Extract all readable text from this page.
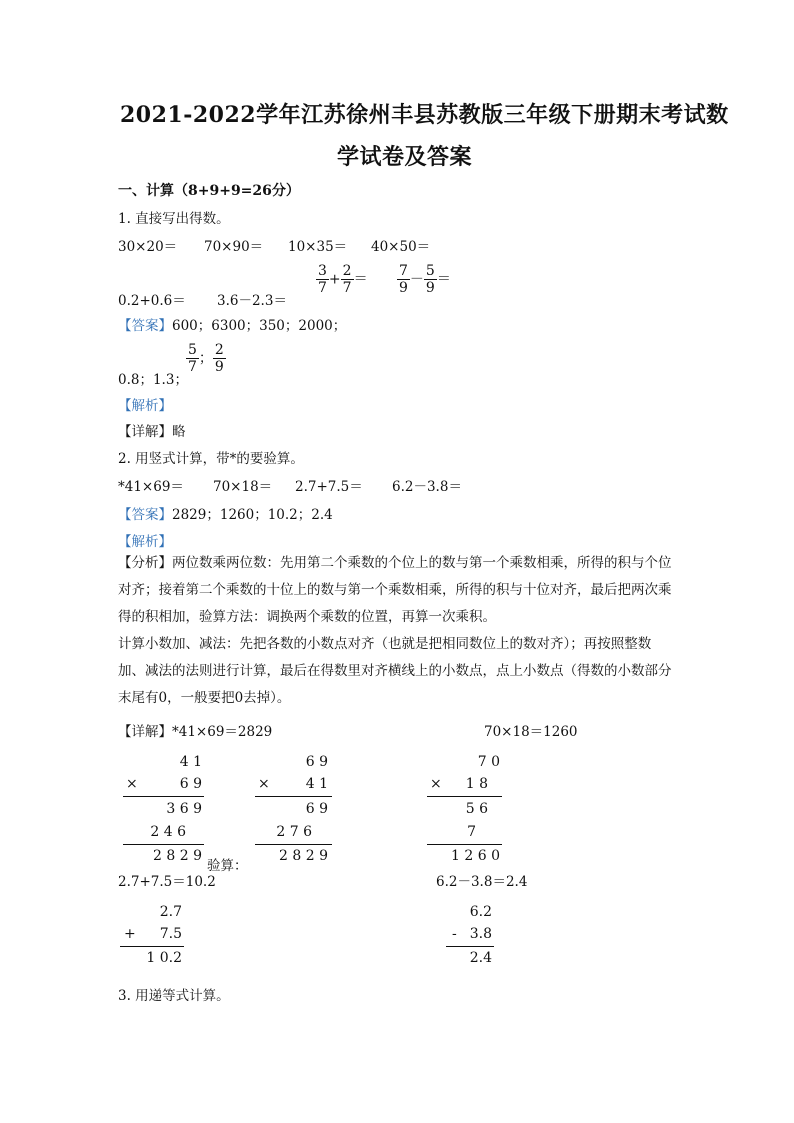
2021-2022学年江苏徐州丰县苏教版三年级下册期末考试数
学试卷及答案
一、计算（8+9+9=26分）
1. 直接写出得数。
30×20＝ 70×90＝ 10×35＝ 40×50＝
$\frac{3}{7} + \frac{2}{7} = \frac{7}{9} - \frac{5}{9}$ ＝
0.2+0.6＝ 3.6－2.3＝
【答案】600；6300；350；2000；
$\frac{5}{7}$ ； $\frac{2}{9}$
0.8；1.3；
【解析】
【详解】略
2. 用竖式计算，带*的要验算。
*41×69＝ 70×18＝ 2.7+7.5＝ 6.2－3.8＝
【答案】2829；1260；10.2；2.4
【解析】
【分析】两位数乘两位数：先用第二个乘数的个位上的数与第一个乘数相乘，所得的积与个位对齐；接着第二个乘数的十位上的数与第一个乘数相乘，所得的积与十位对齐，最后把两次乘得的积相加，验算方法：调换两个乘数的位置，再算一次乘积。
计算小数加、减法：先把各数的小数点对齐（也就是把相同数位上的数对齐）；再按照整数加、减法的法则进行计算，最后在得数里对齐横线上的小数点，点上小数点（得数的小数部分末尾有0，一般要把0去掉）。
【详解】*41×69＝2829	70×18＝1260
4 1
×	6 9
3 6 9
2 4 6
2 8 2 9
验算：
6 9
×	4 1
6 9
2 7 6
2 8 2 9
7 0
×	1 8
5 6
7
1 2 6 0
2.7+7.5＝10.2	6.2－3.8＝2.4
2.7
+	7.5
1 0.2
6.2
- 3.8
2.4
3. 用递等式计算。
